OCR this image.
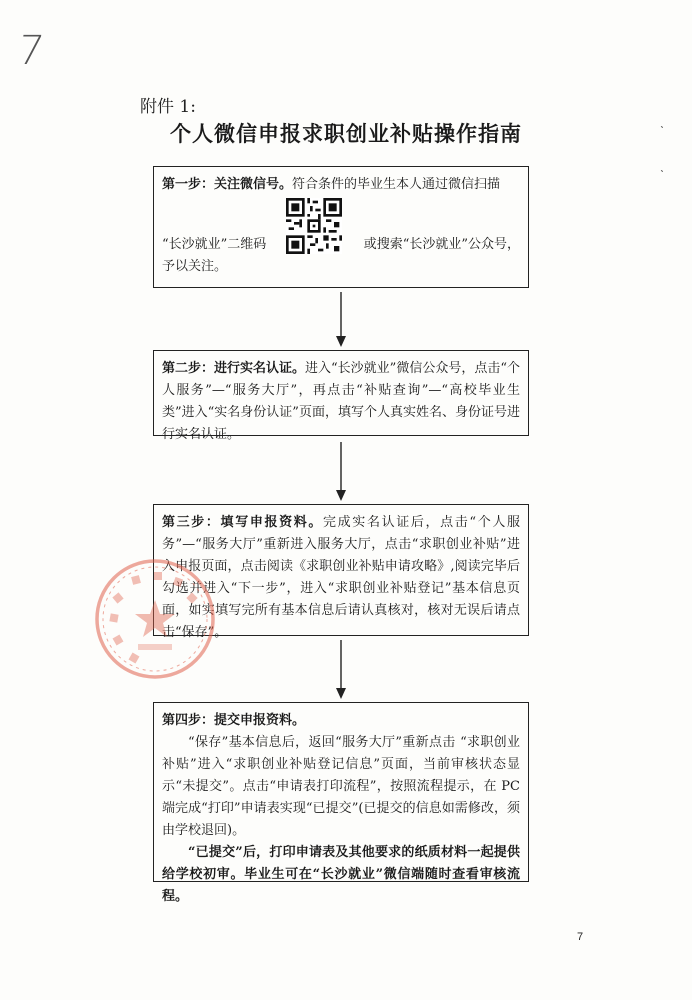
7
ˋ
ˋ
附件 1:
个人微信申报求职创业补贴操作指南
第一步：关注微信号。符合条件的毕业生本人通过微信扫描
“长沙就业”二维码	或搜索“长沙就业”公众号，
予以关注。
第二步：进行实名认证。进入“长沙就业”微信公众号，点击“个人服务”—“服务大厅”，再点击“补贴查询”—“高校毕业生类”进入“实名身份认证”页面，填写个人真实姓名、身份证号进行实名认证。
第三步：填写申报资料。完成实名认证后，点击“个人服务”—“服务大厅”重新进入服务大厅，点击“求职创业补贴”进入申报页面，点击阅读《求职创业补贴申请攻略》,阅读完毕后勾选并进入“下一步”，进入“求职创业补贴登记”基本信息页面，如实填写完所有基本信息后请认真核对，核对无误后请点击“保存”。
第四步：提交申报资料。
“保存”基本信息后，返回“服务大厅”重新点击 “求职创业补贴”进入“求职创业补贴登记信息”页面，当前审核状态显示“未提交”。点击“申请表打印流程”，按照流程提示，在 PC 端完成“打印”申请表实现“已提交”(已提交的信息如需修改，须由学校退回)。
“已提交”后，打印申请表及其他要求的纸质材料一起提供给学校初审。毕业生可在“长沙就业”微信端随时查看审核流程。
7
